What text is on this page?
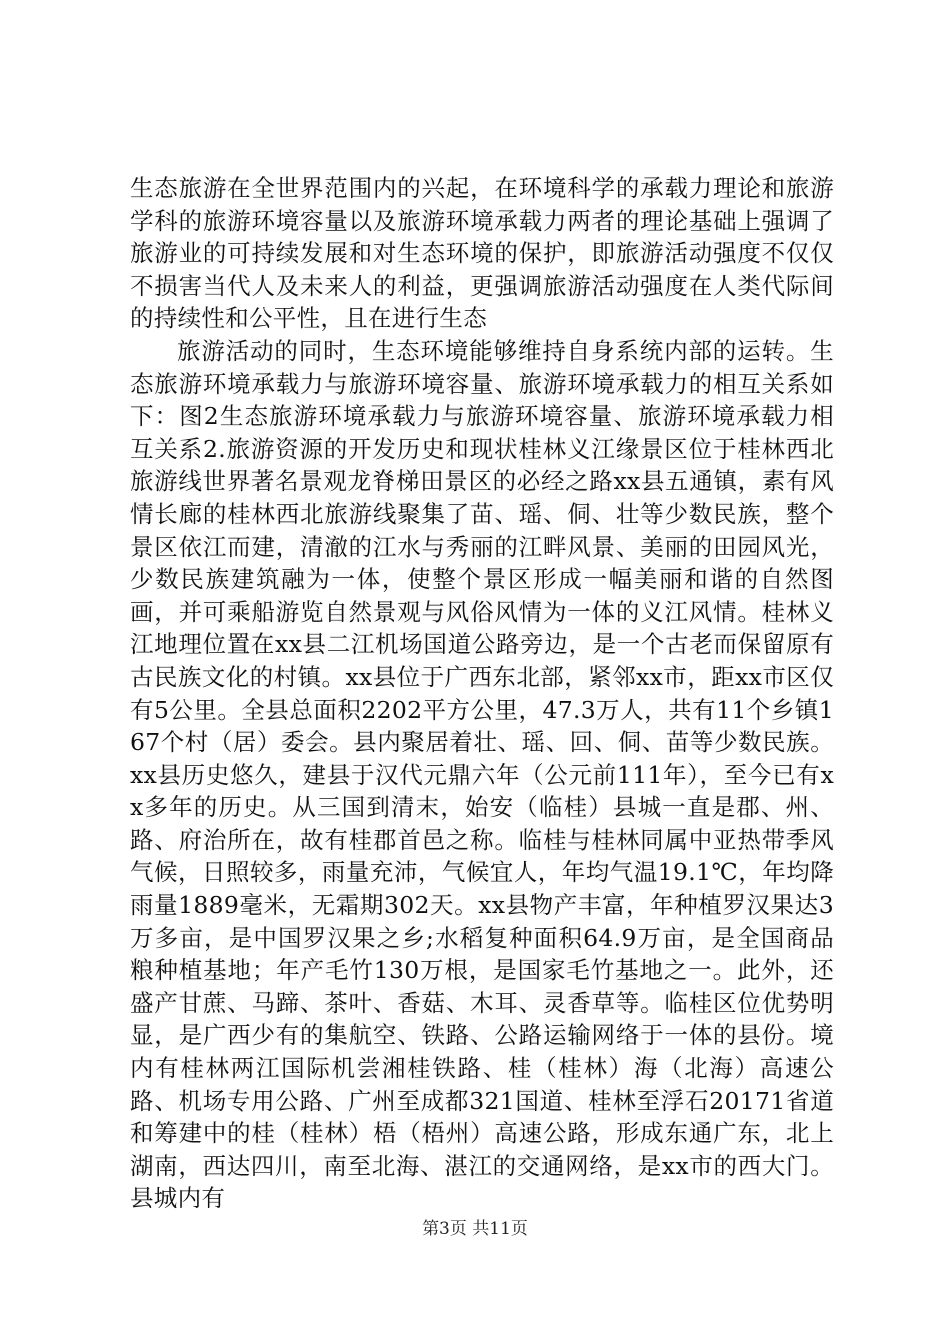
生态旅游在全世界范围内的兴起，在环境科学的承载力理论和旅游学科的旅游环境容量以及旅游环境承载力两者的理论基础上强调了旅游业的可持续发展和对生态环境的保护，即旅游活动强度不仅仅不损害当代人及未来人的利益，更强调旅游活动强度在人类代际间的持续性和公平性，且在进行生态

旅游活动的同时，生态环境能够维持自身系统内部的运转。生态旅游环境承载力与旅游环境容量、旅游环境承载力的相互关系如下：图2生态旅游环境承载力与旅游环境容量、旅游环境承载力相互关系2.旅游资源的开发历史和现状桂林义江缘景区位于桂林西北旅游线世界著名景观龙脊梯田景区的必经之路xx县五通镇，素有风情长廊的桂林西北旅游线聚集了苗、瑶、侗、壮等少数民族，整个景区依江而建，清澈的江水与秀丽的江畔风景、美丽的田园风光，少数民族建筑融为一体，使整个景区形成一幅美丽和谐的自然图画，并可乘船游览自然景观与风俗风情为一体的义江风情。桂林义江地理位置在xx县二江机场国道公路旁边，是一个古老而保留原有古民族文化的村镇。xx县位于广西东北部，紧邻xx市，距xx市区仅有5公里。全县总面积2202平方公里，47.3万人，共有11个乡镇167个村（居）委会。县内聚居着壮、瑶、回、侗、苗等少数民族。xx县历史悠久，建县于汉代元鼎六年（公元前111年），至今已有xx多年的历史。从三国到清末，始安（临桂）县城一直是郡、州、路、府治所在，故有桂郡首邑之称。临桂与桂林同属中亚热带季风气候，日照较多，雨量充沛，气候宜人，年均气温19.1℃，年均降雨量1889毫米，无霜期302天。xx县物产丰富，年种植罗汉果达3万多亩，是中国罗汉果之乡;水稻复种面积64.9万亩，是全国商品粮种植基地；年产毛竹130万根，是国家毛竹基地之一。此外，还盛产甘蔗、马蹄、茶叶、香菇、木耳、灵香草等。临桂区位优势明显，是广西少有的集航空、铁路、公路运输网络于一体的县份。境内有桂林两江国际机尝湘桂铁路、桂（桂林）海（北海）高速公路、机场专用公路、广州至成都321国道、桂林至浮石20171省道和筹建中的桂（桂林）梧（梧州）高速公路，形成东通广东，北上湖南，西达四川，南至北海、湛江的交通网络，是xx市的西大门。县城内有

第3页 共11页
